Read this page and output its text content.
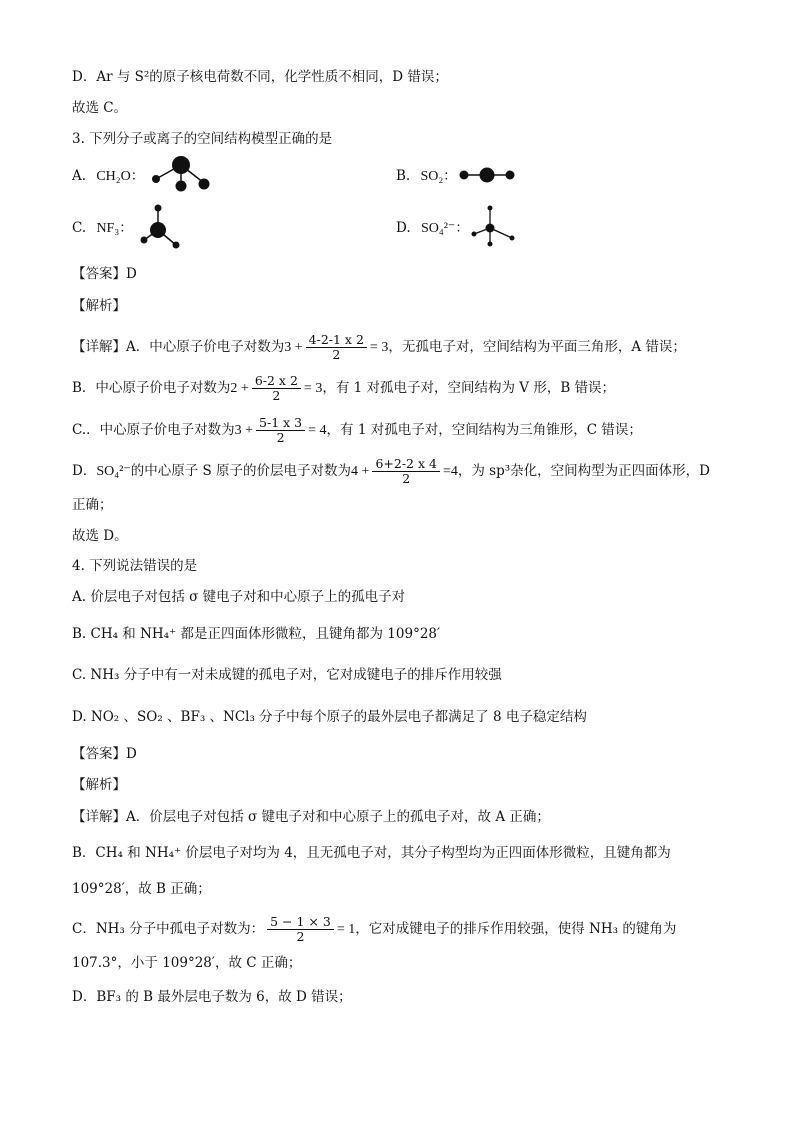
D．Ar 与 S²的原子核电荷数不同，化学性质不相同，D 错误；
故选 C。
3. 下列分子或离子的空间结构模型正确的是
A. CH₂O：	B. SO₂：
C. NF₃：	D. SO₄²⁻：
【答案】D
【解析】
【详解】A．中心原子价电子对数为$3 + \frac{4-2-1 x 2}{2} = 3$，无孤电子对，空间结构为平面三角形，A 错误；
B．中心原子价电子对数为$2 + \frac{6-2 x 2}{2} = 3$，有 1 对孤电子对，空间结构为 V 形，B 错误；
C.．中心原子价电子对数为$3 + \frac{5-1 x 3}{2} = 4$，有 1 对孤电子对，空间结构为三角锥形，C 错误；
D．SO₄²⁻的中心原子 S 原子的价层电子对数为$4 + \frac{6+2-2 x 4}{2} =4$，为 sp³杂化，空间构型为正四面体形，D
正确；
故选 D。
4. 下列说法错误的是
A. 价层电子对包括 σ 键电子对和中心原子上的孤电子对
B. CH₄ 和 NH₄⁺ 都是正四面体形微粒，且键角都为 109°28′
C. NH₃ 分子中有一对未成键的孤电子对，它对成键电子的排斥作用较强
D. NO₂ 、SO₂ 、BF₃ 、NCl₃ 分子中每个原子的最外层电子都满足了 8 电子稳定结构
【答案】D
【解析】
【详解】A．价层电子对包括 σ 键电子对和中心原子上的孤电子对，故 A 正确；
B．CH₄ 和 NH₄⁺ 价层电子对均为 4，且无孤电子对，其分子构型均为正四面体形微粒，且键角都为
109°28′，故 B 正确；
C．NH₃ 分子中孤电子对数为： $\frac{5 - 1 \times 3}{2} = 1$，它对成键电子的排斥作用较强，使得 NH₃ 的键角为
107.3°，小于 109°28′，故 C 正确；
D．BF₃ 的 B 最外层电子数为 6，故 D 错误；
